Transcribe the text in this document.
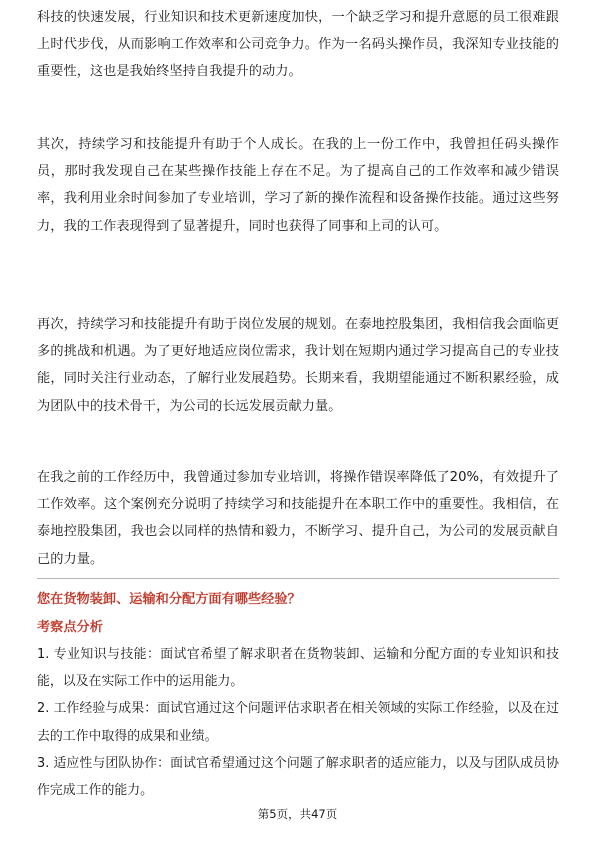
科技的快速发展，行业知识和技术更新速度加快，一个缺乏学习和提升意愿的员工很难跟上时代步伐，从而影响工作效率和公司竞争力。作为一名码头操作员，我深知专业技能的重要性，这也是我始终坚持自我提升的动力。

其次，持续学习和技能提升有助于个人成长。在我的上一份工作中，我曾担任码头操作员，那时我发现自己在某些操作技能上存在不足。为了提高自己的工作效率和减少错误率，我利用业余时间参加了专业培训，学习了新的操作流程和设备操作技能。通过这些努力，我的工作表现得到了显著提升，同时也获得了同事和上司的认可。

再次，持续学习和技能提升有助于岗位发展的规划。在泰地控股集团，我相信我会面临更多的挑战和机遇。为了更好地适应岗位需求，我计划在短期内通过学习提高自己的专业技能，同时关注行业动态，了解行业发展趋势。长期来看，我期望能通过不断积累经验，成为团队中的技术骨干，为公司的长远发展贡献力量。

在我之前的工作经历中，我曾通过参加专业培训，将操作错误率降低了20%，有效提升了工作效率。这个案例充分说明了持续学习和技能提升在本职工作中的重要性。我相信，在泰地控股集团，我也会以同样的热情和毅力，不断学习、提升自己，为公司的发展贡献自己的力量。

您在货物装卸、运输和分配方面有哪些经验？

考察点分析

1. 专业知识与技能：面试官希望了解求职者在货物装卸、运输和分配方面的专业知识和技能，以及在实际工作中的运用能力。
2. 工作经验与成果：面试官通过这个问题评估求职者在相关领域的实际工作经验，以及在过去的工作中取得的成果和业绩。
3. 适应性与团队协作：面试官希望通过这个问题了解求职者的适应能力，以及与团队成员协作完成工作的能力。
第5页，共47页
